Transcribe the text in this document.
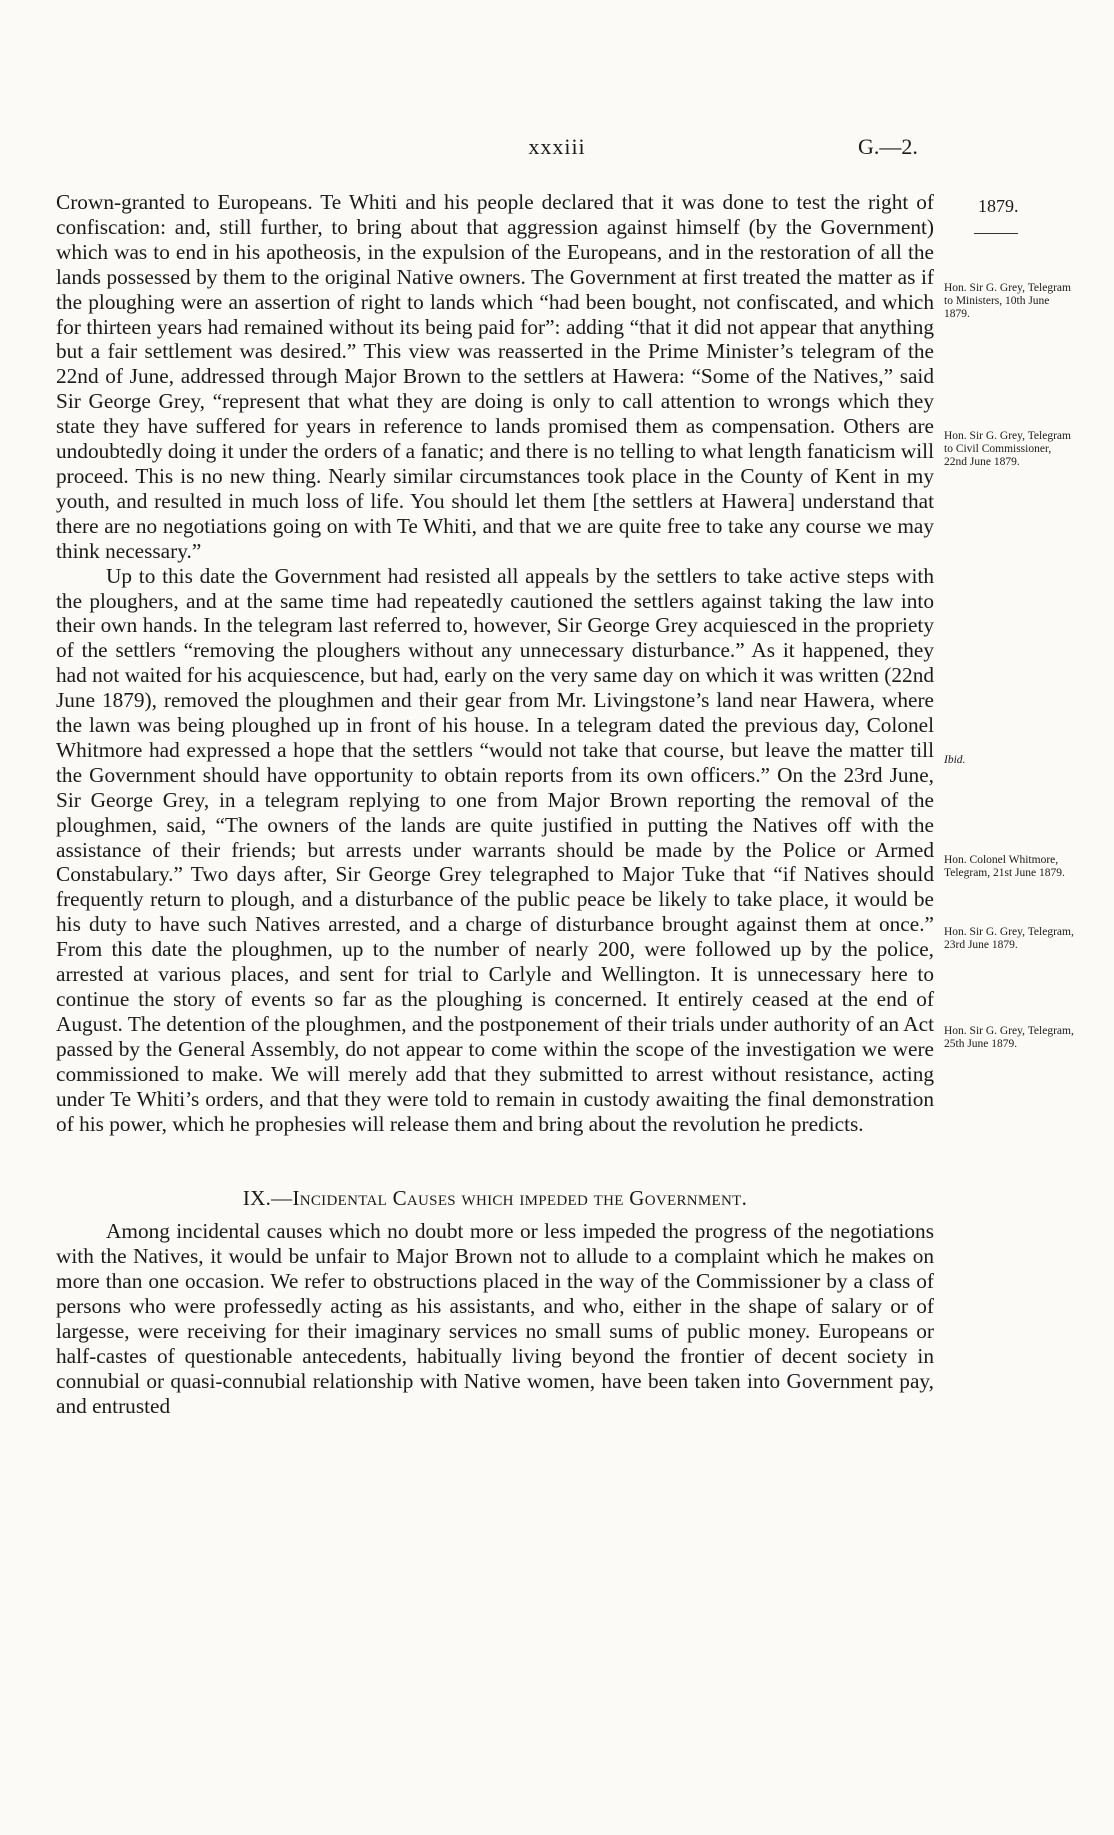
xxxiii	G.—2.
1879.
Hon. Sir G. Grey, Telegram to Ministers, 10th June 1879.
Hon. Sir G. Grey, Telegram to Civil Commissioner, 22nd June 1879.
Ibid.
Hon. Colonel Whitmore, Telegram, 21st June 1879.
Hon. Sir G. Grey, Telegram, 23rd June 1879.
Hon. Sir G. Grey, Telegram, 25th June 1879.

Crown-granted to Europeans. Te Whiti and his people declared that it was done to test the right of confiscation: and, still further, to bring about that aggression against himself (by the Government) which was to end in his apotheosis, in the expulsion of the Europeans, and in the restoration of all the lands possessed by them to the original Native owners. The Government at first treated the matter as if the ploughing were an assertion of right to lands which “had been bought, not confiscated, and which for thirteen years had remained without its being paid for”: adding “that it did not appear that anything but a fair settlement was desired.” This view was reasserted in the Prime Minister’s telegram of the 22nd of June, addressed through Major Brown to the settlers at Hawera: “Some of the Natives,” said Sir George Grey, “represent that what they are doing is only to call attention to wrongs which they state they have suffered for years in reference to lands promised them as compensation. Others are undoubtedly doing it under the orders of a fanatic; and there is no telling to what length fanaticism will proceed. This is no new thing. Nearly similar circumstances took place in the County of Kent in my youth, and resulted in much loss of life. You should let them [the settlers at Hawera] understand that there are no negotiations going on with Te Whiti, and that we are quite free to take any course we may think necessary.”

Up to this date the Government had resisted all appeals by the settlers to take active steps with the ploughers, and at the same time had repeatedly cautioned the settlers against taking the law into their own hands. In the telegram last referred to, however, Sir George Grey acquiesced in the propriety of the settlers “removing the ploughers without any unnecessary disturbance.” As it happened, they had not waited for his acquiescence, but had, early on the very same day on which it was written (22nd June 1879), removed the ploughmen and their gear from Mr. Livingstone’s land near Hawera, where the lawn was being ploughed up in front of his house. In a telegram dated the previous day, Colonel Whitmore had expressed a hope that the settlers “would not take that course, but leave the matter till the Government should have opportunity to obtain reports from its own officers.” On the 23rd June, Sir George Grey, in a telegram replying to one from Major Brown reporting the removal of the ploughmen, said, “The owners of the lands are quite justified in putting the Natives off with the assistance of their friends; but arrests under warrants should be made by the Police or Armed Constabulary.” Two days after, Sir George Grey telegraphed to Major Tuke that “if Natives should frequently return to plough, and a disturbance of the public peace be likely to take place, it would be his duty to have such Natives arrested, and a charge of disturbance brought against them at once.” From this date the ploughmen, up to the number of nearly 200, were followed up by the police, arrested at various places, and sent for trial to Carlyle and Wellington. It is unnecessary here to continue the story of events so far as the ploughing is concerned. It entirely ceased at the end of August. The detention of the ploughmen, and the postponement of their trials under authority of an Act passed by the General Assembly, do not appear to come within the scope of the investigation we were commissioned to make. We will merely add that they submitted to arrest without resistance, acting under Te Whiti’s orders, and that they were told to remain in custody awaiting the final demonstration of his power, which he prophesies will release them and bring about the revolution he predicts.

IX.—Incidental Causes which impeded the Government.

Among incidental causes which no doubt more or less impeded the progress of the negotiations with the Natives, it would be unfair to Major Brown not to allude to a complaint which he makes on more than one occasion. We refer to obstructions placed in the way of the Commissioner by a class of persons who were professedly acting as his assistants, and who, either in the shape of salary or of largesse, were receiving for their imaginary services no small sums of public money. Europeans or half-castes of questionable antecedents, habitually living beyond the frontier of decent society in connubial or quasi-connubial relationship with Native women, have been taken into Government pay, and entrusted
